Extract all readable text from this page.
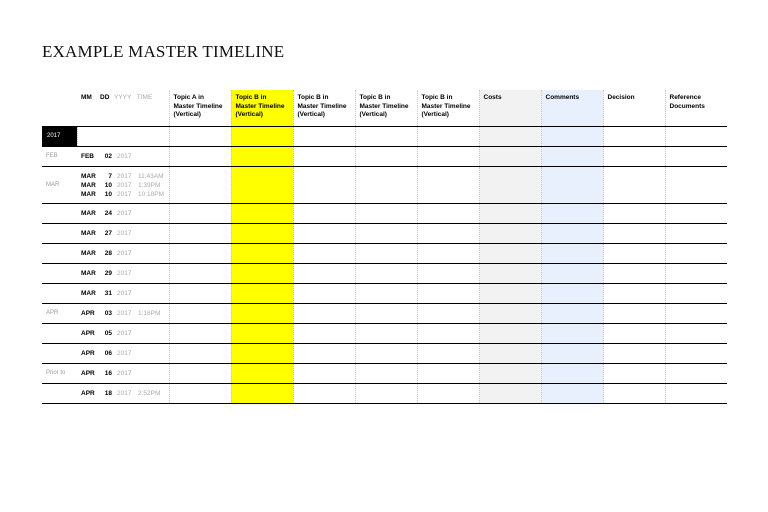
EXAMPLE MASTER TIMELINE
	MM DD YYYY TIME	Topic A in Master Timeline (Vertical)	Topic B in Master Timeline (Vertical)	Topic B in Master Timeline (Vertical)	Topic B in Master Timeline (Vertical)	Topic B in Master Timeline (Vertical)	Costs	Comments	Decision	Reference Documents
2017										
FEB	FEB 02 2017									

MAR	MAR 7 2017 11:43AM
MAR 10 2017 1:39PM
MAR 10 2017 10:18PM									

	MAR 24 2017									

	MAR 27 2017									

	MAR 28 2017									

	MAR 29 2017									

	MAR 31 2017									

APR	APR 03 2017 1:16PM									

	APR 05 2017									

	APR 06 2017									

Prior to	APR 16 2017									

	APR 18 2017 2:52PM									
